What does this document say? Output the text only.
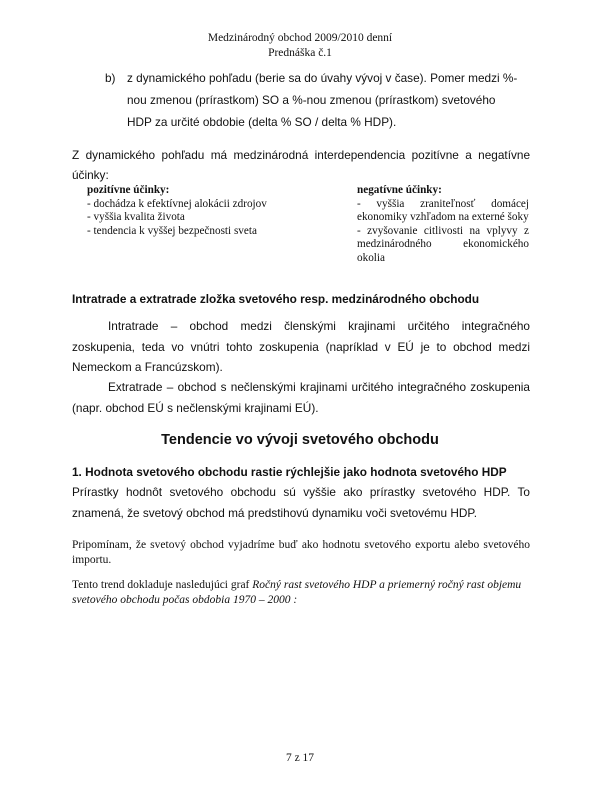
Medzinárodný obchod 2009/2010 denní
Prednáška č.1
b) z dynamického pohľadu (berie sa do úvahy vývoj v čase). Pomer medzi %-
nou zmenou (prírastkom) SO a %-nou zmenou (prírastkom) svetového
HDP za určité obdobie (delta % SO / delta % HDP).
Z dynamického pohľadu má medzinárodná interdependencia pozitívne a negatívne účinky:
pozitívne účinky:
- dochádza k efektívnej alokácii zdrojov
- vyššia kvalita života
- tendencia k vyššej bezpečnosti sveta
negatívne účinky:
- vyššia zraniteľnosť domácej ekonomiky vzhľadom na externé šoky
- zvyšovanie citlivosti na vplyvy z medzinárodného ekonomického okolia
Intratrade a extratrade zložka svetového resp. medzinárodného obchodu
Intratrade – obchod medzi členskými krajinami určitého integračného zoskupenia, teda vo vnútri tohto zoskupenia (napríklad v EÚ je to obchod medzi Nemeckom a Francúzskom).
Extratrade – obchod s nečlenskými krajinami určitého integračného zoskupenia (napr. obchod EÚ s nečlenskými krajinami EÚ).
Tendencie vo vývoji svetového obchodu
1. Hodnota svetového obchodu rastie rýchlejšie jako hodnota svetového HDP
Prírastky hodnôt svetového obchodu sú vyššie ako prírastky svetového HDP. To znamená, že svetový obchod má predstihovú dynamiku voči svetovému HDP.
Pripomínam, že svetový obchod vyjadríme buď ako hodnotu svetového exportu alebo svetového importu.
Tento trend dokladuje nasledujúci graf Ročný rast svetového HDP a priemerný ročný rast objemu svetového obchodu počas obdobia 1970 – 2000 :
7 z 17
